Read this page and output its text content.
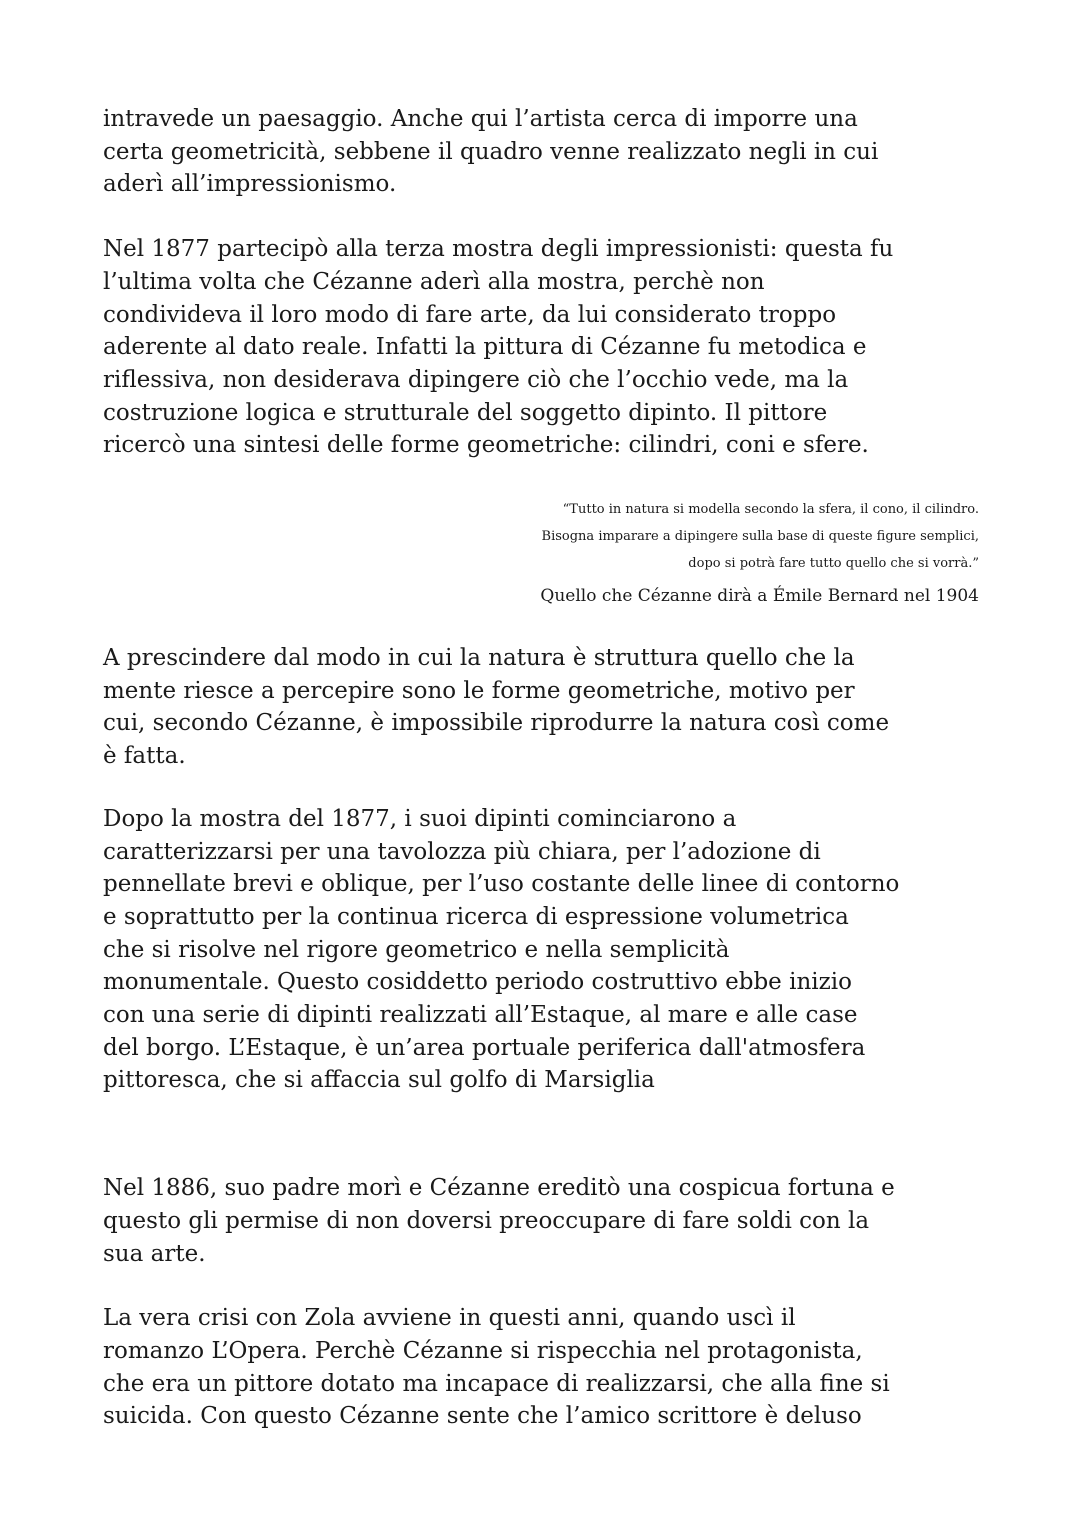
intravede un paesaggio. Anche qui l’artista cerca di imporre una
certa geometricità, sebbene il quadro venne realizzato negli in cui
aderì all’impressionismo.

Nel 1877 partecipò alla terza mostra degli impressionisti: questa fu
l’ultima volta che Cézanne aderì alla mostra, perchè non
condivideva il loro modo di fare arte, da lui considerato troppo
aderente al dato reale. Infatti la pittura di Cézanne fu metodica e
riflessiva, non desiderava dipingere ciò che l’occhio vede, ma la
costruzione logica e strutturale del soggetto dipinto. Il pittore
ricercò una sintesi delle forme geometriche: cilindri, coni e sfere.

“Tutto in natura si modella secondo la sfera, il cono, il cilindro.
Bisogna imparare a dipingere sulla base di queste figure semplici,
dopo si potrà fare tutto quello che si vorrà.”

Quello che Cézanne dirà a Émile Bernard nel 1904

A prescindere dal modo in cui la natura è struttura quello che la
mente riesce a percepire sono le forme geometriche, motivo per
cui, secondo Cézanne, è impossibile riprodurre la natura così come
è fatta.

Dopo la mostra del 1877, i suoi dipinti cominciarono a
caratterizzarsi per una tavolozza più chiara, per l’adozione di
pennellate brevi e oblique, per l’uso costante delle linee di contorno
e soprattutto per la continua ricerca di espressione volumetrica
che si risolve nel rigore geometrico e nella semplicità
monumentale. Questo cosiddetto periodo costruttivo ebbe inizio
con una serie di dipinti realizzati all’Estaque, al mare e alle case
del borgo. L’Estaque, è un’area portuale periferica dall'atmosfera
pittoresca, che si affaccia sul golfo di Marsiglia

Nel 1886, suo padre morì e Cézanne ereditò una cospicua fortuna e
questo gli permise di non doversi preoccupare di fare soldi con la
sua arte.

La vera crisi con Zola avviene in questi anni, quando uscì il
romanzo L’Opera. Perchè Cézanne si rispecchia nel protagonista,
che era un pittore dotato ma incapace di realizzarsi, che alla fine si
suicida. Con questo Cézanne sente che l’amico scrittore è deluso
